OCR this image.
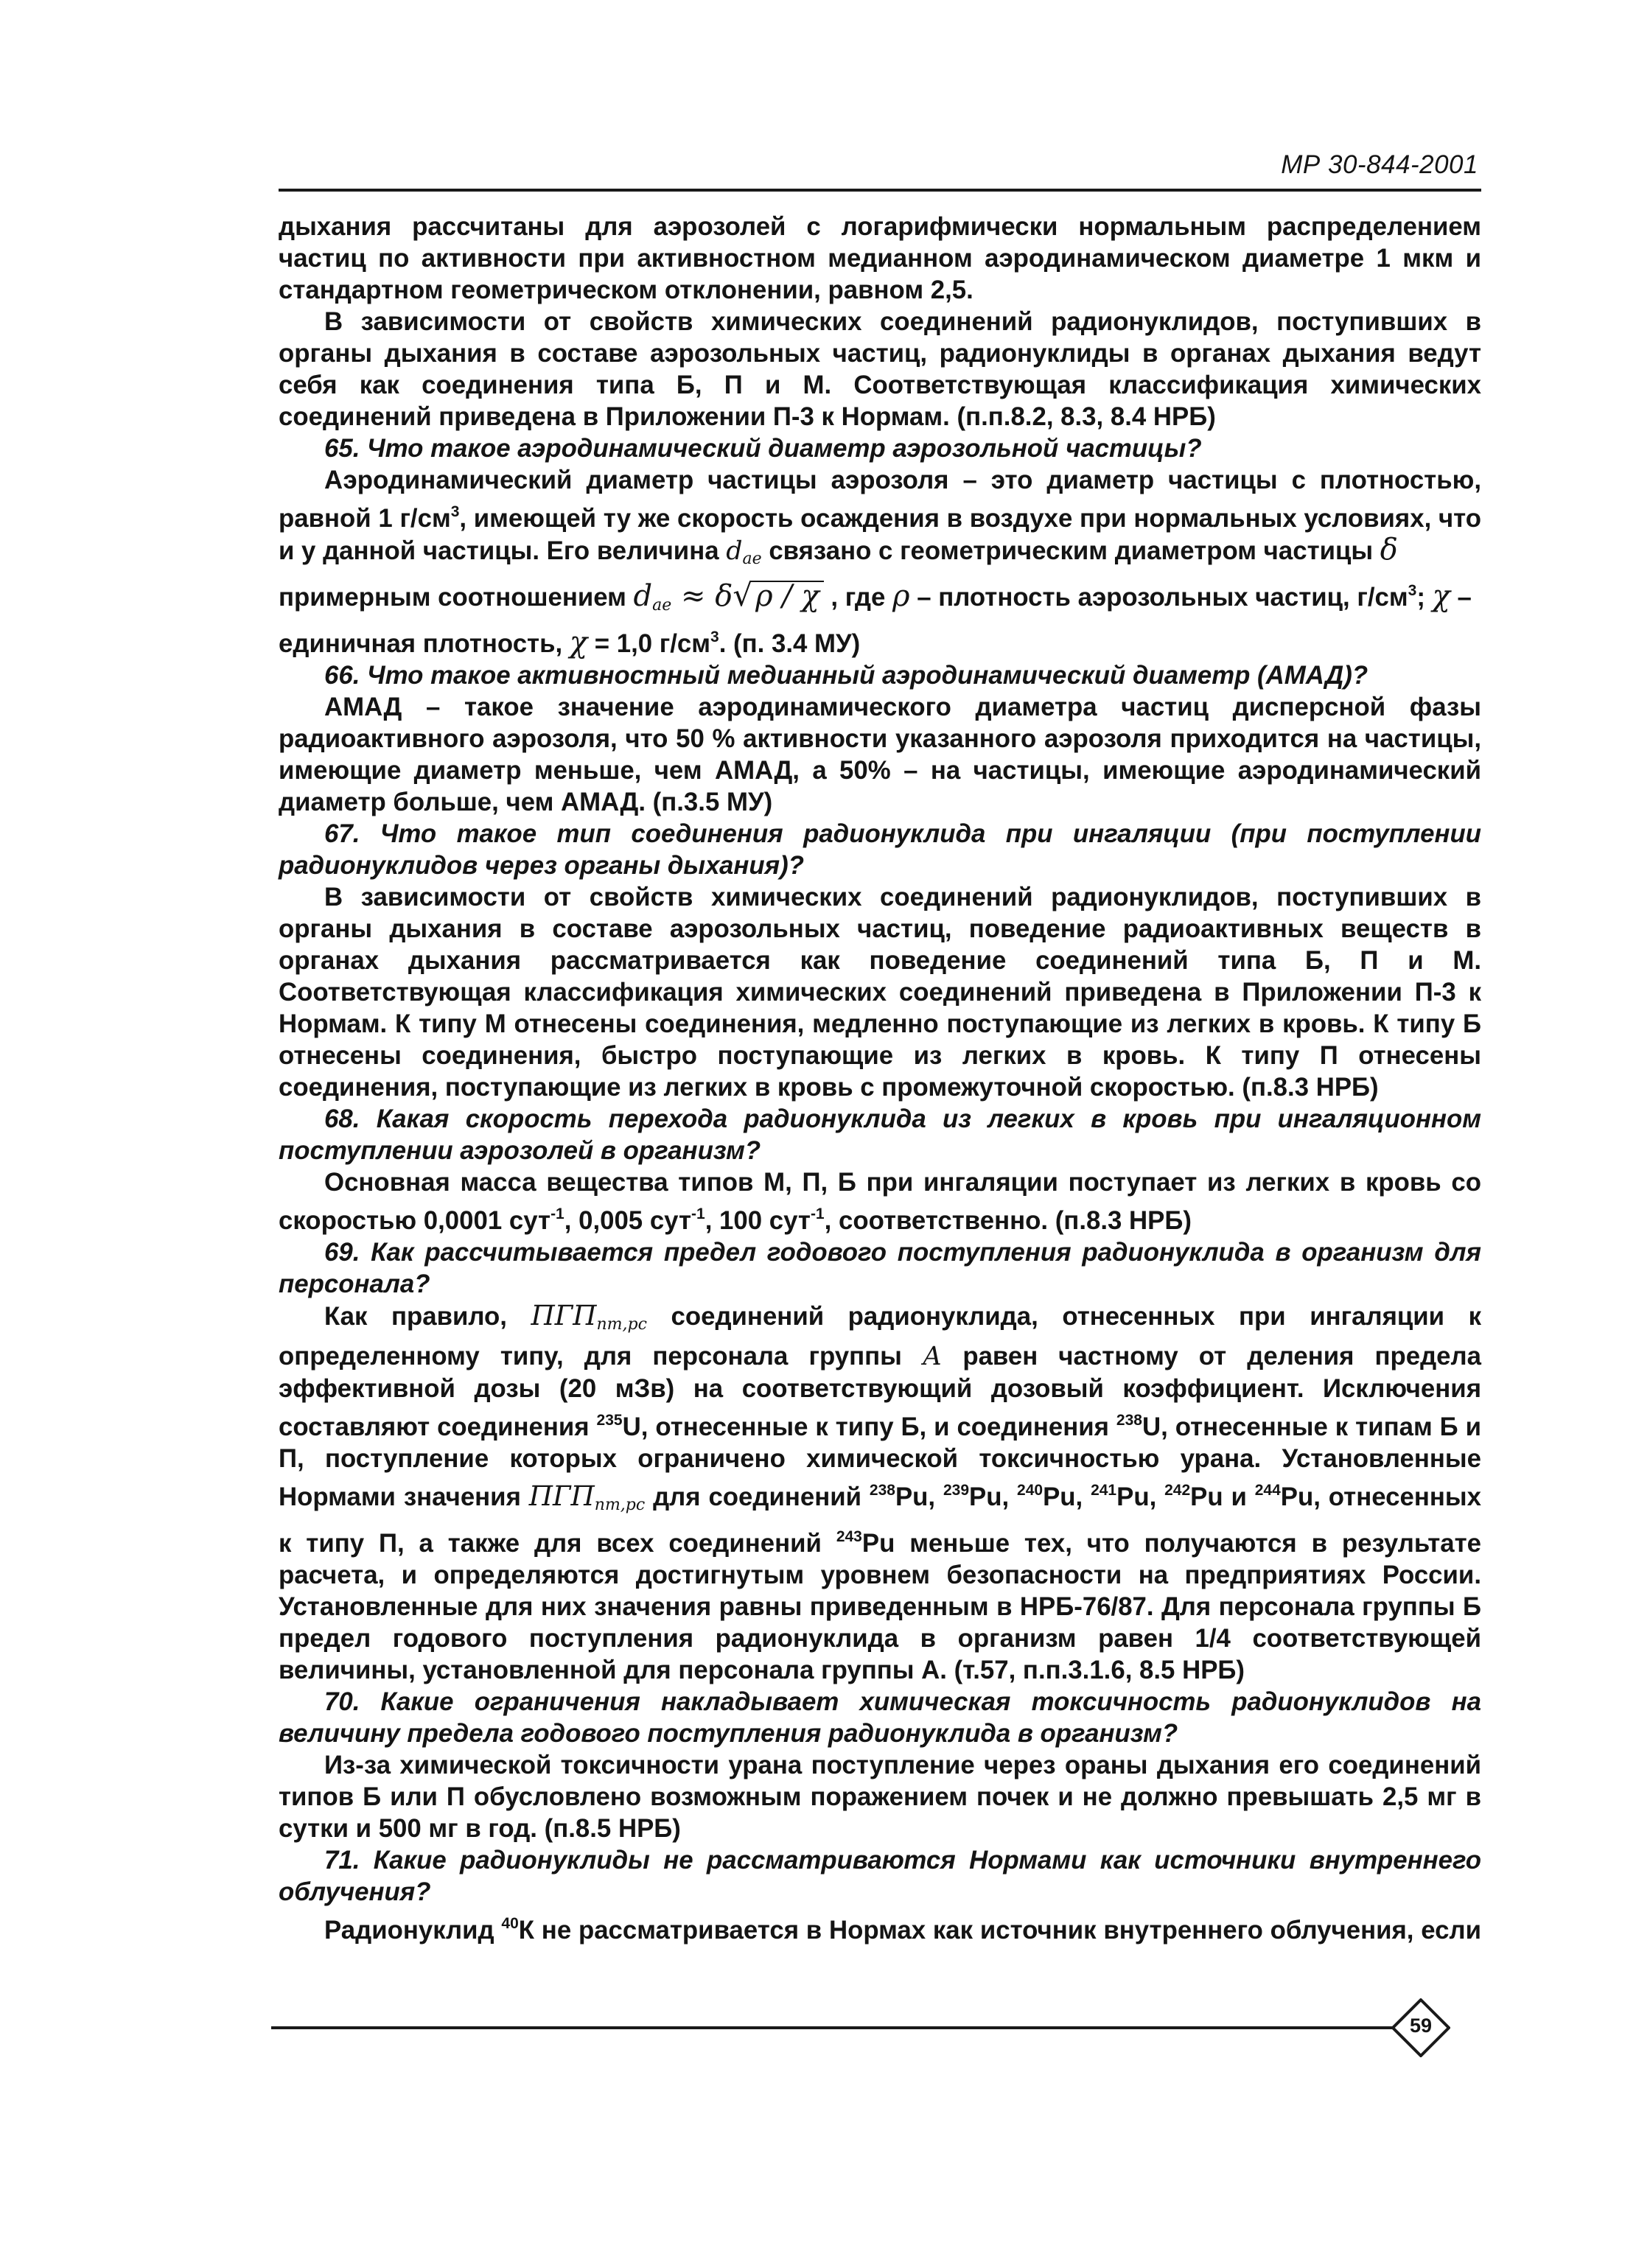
МР 30-844-2001

дыхания рассчитаны для аэрозолей с логарифмически нормальным распределением частиц по активности при активностном медианном аэродинамическом диаметре 1 мкм и стандартном геометрическом отклонении, равном 2,5.

В зависимости от свойств химических соединений радионуклидов, поступивших в органы дыхания в составе аэрозольных частиц, радионуклиды в органах дыхания ведут себя как соединения типа Б, П и М. Соответствующая классификация химических соединений приведена в Приложении П-3 к Нормам. (п.п.8.2, 8.3, 8.4 НРБ)

65. Что такое аэродинамический диаметр аэрозольной частицы?

Аэродинамический диаметр частицы аэрозоля – это диаметр частицы с плотностью, равной 1 $г/см^3$, имеющей ту же скорость осаждения в воздуxе при нормальных условиях, что и у данной частицы. Его величина $d_{ae}$ связано с геометрическим диаметром частицы δ

примерным соотношением $d_{ae} \approx \delta√$ ρ / χ , где ρ – плотность аэрозольных частиц, $г/см^3$; χ –

единичная плотность, χ = 1,0 $г/см^3$. (п. 3.4 МУ)

66. Что такое активностный медианный аэродинамический диаметр (АМАД)?

АМАД – такое значение аэродинамического диаметра частиц дисперсной фазы радиоактивного аэрозоля, что 50 % активности указанного аэрозоля приходится на частицы, имеющие диаметр меньше, чем АМАД, а 50% – на частицы, имеющие аэродинамический диаметр больше, чем АМАД. (п.3.5 МУ)

67. Что такое тип соединения радионуклида при ингаляции (при поступлении радионуклидов через органы дыхания)?

В зависимости от свойств химических соединений радионуклидов, поступивших в органы дыхания в составе аэрозольных частиц, поведение радиоактивных веществ в органах дыхания рассматривается как поведение соединений типа Б, П и М. Соответствующая классификация химических соединений приведена в Приложении П-3 к Нормам. К типу М отнесены соединения, медленно поступающие из легких в кровь. К типу Б отнесены соединения, быстро поступающие из легких в кровь. К типу П отнесены соединения, поступающие из легких в кровь с промежуточной скоростью. (п.8.3 НРБ)

68. Какая скорость перехода радионуклида из легких в кровь при ингаляционном поступлении аэрозолей в организм?

Основная масса вещества типов М, П, Б при ингаляции поступает из легких в кровь со скоростью 0,0001 сут$^{-1}$, 0,005 сут$^{-1}$, 100 сут$^{-1}$, соответственно. (п.8.3 НРБ)

69. Как рассчитывается предел годового поступления радионуклида в организм для персонала?

Как правило, $ПГП_{пт,рс}$ соединений радионуклида, отнесенных при ингаляции к определенному типу, для персонала группы А равен частному от деления предела эффективной дозы (20 мЗв) на соответствующий дозовый коэффициент. Исключения составляют соединения $^{235}$U, отнесенные к типу Б, и соединения $^{238}$U, отнесенные к типам Б и П, поступление которых ограничено химической токсичностью урана. Установленные Нормами значения $ПГП_{пт,рс}$ для соединений $^{238}$Pu, $^{239}$Pu, $^{240}$Pu, $^{241}$Pu, $^{242}$Pu и $^{244}$Pu, отнесенных к типу П, а также для всех соединений $^{243}$Pu меньше тех, что получаются в результате расчета, и определяются достигнутым уровнем безопасности на предприятиях России. Установленные для них значения равны приведенным в НРБ-76/87. Для персонала группы Б предел годового поступления радионуклида в организм равен 1/4 соответствующей величины, установленной для персонала группы А. (т.57, п.п.3.1.6, 8.5 НРБ)

70. Какие ограничения накладывает химическая токсичность радионуклидов на величину предела годового поступления радионуклида в организм?

Из-за химической токсичности урана поступление через ораны дыхания его соединений типов Б или П обусловлено возможным поражением почек и не должно превышать 2,5 мг в сутки и 500 мг в год. (п.8.5 НРБ)

71. Какие радионуклиды не рассматриваются Нормами как источники внутреннего облучения?

Радионуклид $^{40}$К не рассматривается в Нормах как источник внутреннего облучения, если

59
